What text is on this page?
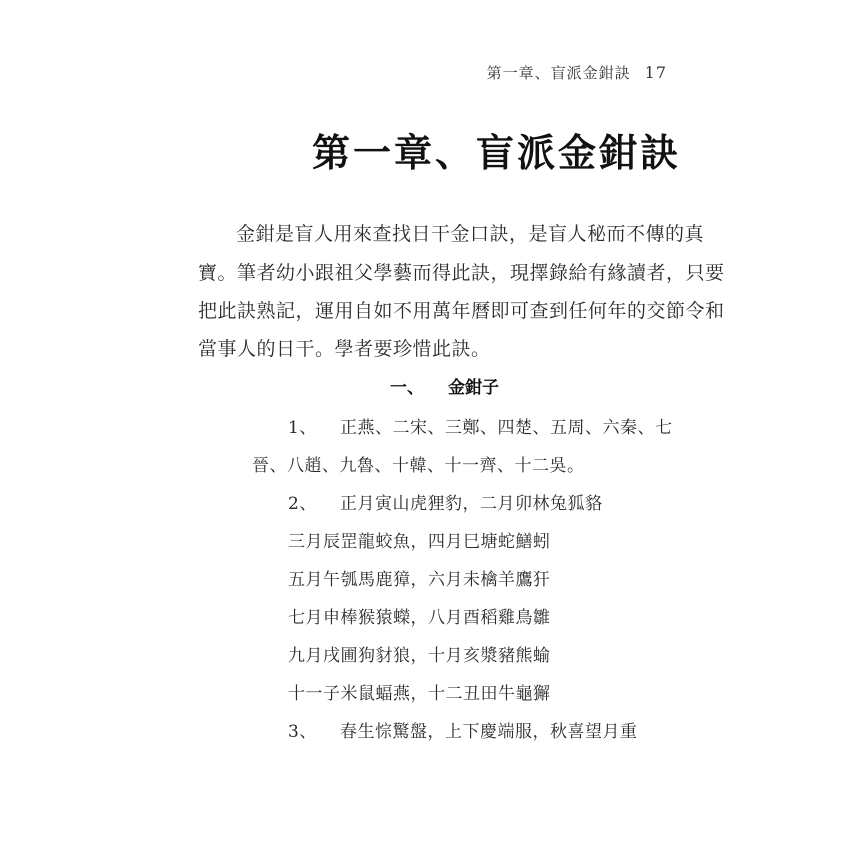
第一章、盲派金鉗訣 17
第一章、盲派金鉗訣
金鉗是盲人用來查找日干金口訣，是盲人秘而不傳的真
寶。筆者幼小跟祖父學藝而得此訣，現擇錄給有緣讀者，只要
把此訣熟記，運用自如不用萬年曆即可查到任何年的交節令和
當事人的日干。學者要珍惜此訣。
一、 金鉗子
1、 正燕、二宋、三鄭、四楚、五周、六秦、七
晉、八趙、九魯、十韓、十一齊、十二吳。
2、 正月寅山虎狸豹，二月卯林兔狐貉
三月辰罡龍蛟魚，四月巳塘蛇鱔蚓
五月午瓠馬鹿獐，六月未檎羊鷹犴
七月申棒猴猿蠑，八月酉稻雞鳥雛
九月戌圃狗豺狼，十月亥漿豬熊蝓
十一子米鼠蝠燕，十二丑田牛龜獬
3、 春生悰驚盤，上下慶端服，秋喜望月重
